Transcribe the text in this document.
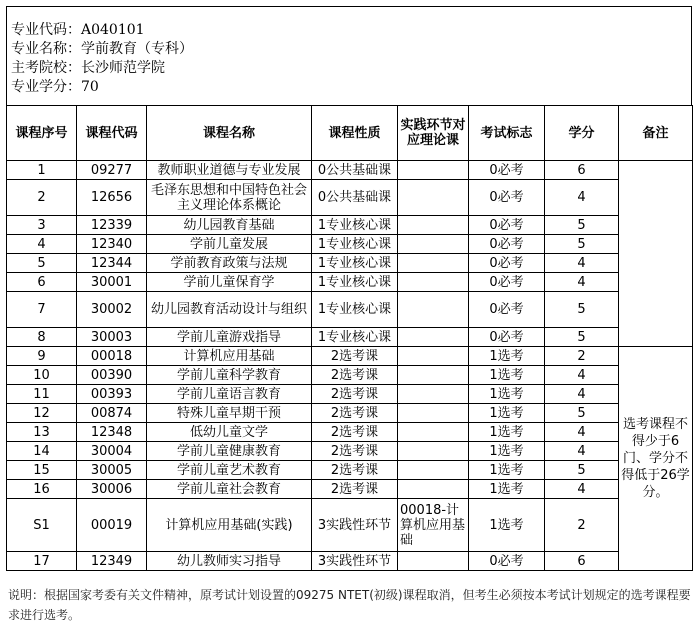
专业代码：A040101
专业名称：学前教育（专科）
主考院校：长沙师范学院
专业学分：70
课程序号	课程代码	课程名称	课程性质	实践环节对应理论课	考试标志	学分	备注
1	09277	教师职业道德与专业发展	0公共基础课		0必考	6	
2	12656	毛泽东思想和中国特色社会主义理论体系概论	0公共基础课		0必考	4	
3	12339	幼儿园教育基础	1专业核心课		0必考	5	
4	12340	学前儿童发展	1专业核心课		0必考	5	
5	12344	学前教育政策与法规	1专业核心课		0必考	4	
6	30001	学前儿童保育学	1专业核心课		0必考	4	
7	30002	幼儿园教育活动设计与组织	1专业核心课		0必考	5	
8	30003	学前儿童游戏指导	1专业核心课		0必考	5	
9	00018	计算机应用基础	2选考课		1选考	2	选考课程不得少于6门、学分不得低于26学分。
10	00390	学前儿童科学教育	2选考课		1选考	4	
11	00393	学前儿童语言教育	2选考课		1选考	4	
12	00874	特殊儿童早期干预	2选考课		1选考	5	
13	12348	低幼儿童文学	2选考课		1选考	4	
14	30004	学前儿童健康教育	2选考课		1选考	4	
15	30005	学前儿童艺术教育	2选考课		1选考	5	
16	30006	学前儿童社会教育	2选考课		1选考	4	
S1	00019	计算机应用基础(实践)	3实践性环节	00018-计算机应用基础	1选考	2	
17	12349	幼儿教师实习指导	3实践性环节		0必考	6	
说明：根据国家考委有关文件精神，原考试计划设置的09275 NTET(初级)课程取消，但考生必须按本考试计划规定的选考课程要求进行选考。
